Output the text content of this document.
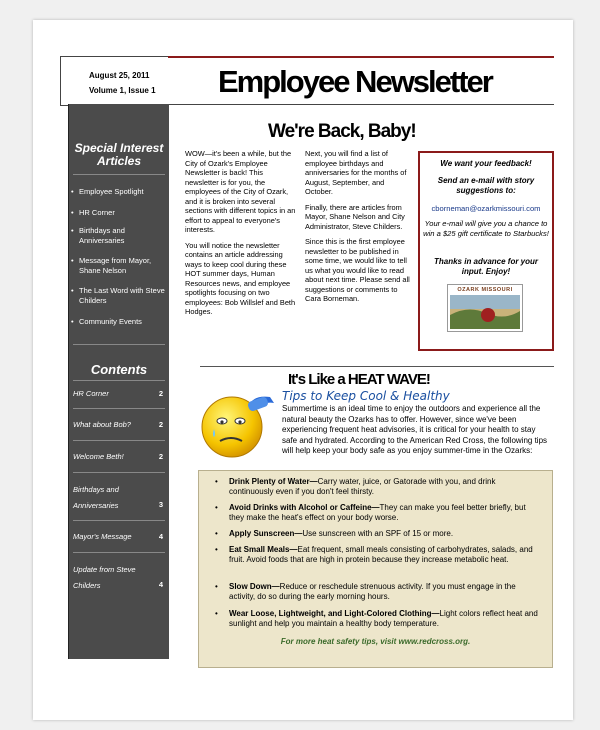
August 25, 2011
Volume 1, Issue 1 Employee Newsletter
Special Interest Articles
• Employee Spotlight
• HR Corner
• Birthdays and Anniversaries
• Message from Mayor, Shane Nelson
• The Last Word with Steve Childers
• Community Events
Contents
HR Corner	2
What about Bob?	2
Welcome Beth!	2
Birthdays and Anniversaries	3
Mayor's Message	4
Update from Steve Childers	4
We're Back, Baby!

WOW—it's been a while, but the City of Ozark's Employee Newsletter is back! This newsletter is for you, the employees of the City of Ozark, and it is broken into several sections with different topics in an effort to appeal to everyone's interests.

You will notice the newsletter contains an article addressing ways to keep cool during these HOT summer days, Human Resources news, and employee spotlights focusing on two employees: Bob Willslef and Beth Hodges.

Next, you will find a list of employee birthdays and anniversaries for the months of August, September, and October.

Finally, there are articles from Mayor, Shane Nelson and City Administrator, Steve Childers.

Since this is the first employee newsletter to be published in some time, we would like to tell us what you would like to read about next time. Please send all suggestions or comments to Cara Borneman.

We want your feedback!
Send an e-mail with story suggestions to:
cborneman@ozarkmissouri.com
Your e-mail will give you a chance to win a $25 gift certificate to Starbucks!
Thanks in advance for your input. Enjoy!
OZARK MISSOURI
It's Like a HEAT WAVE!
Tips to Keep Cool & Healthy
Summertime is an ideal time to enjoy the outdoors and experience all the natural beauty the Ozarks has to offer. However, since we've been experiencing frequent heat advisories, it is critical for your health to stay safe and hydrated. According to the American Red Cross, the following tips will help keep your body safe as you enjoy summer-time in the Ozarks:
• Drink Plenty of Water—Carry water, juice, or Gatorade with you, and drink continuously even if you don't feel thirsty.
• Avoid Drinks with Alcohol or Caffeine—They can make you feel better briefly, but they make the heat's effect on your body worse.
• Apply Sunscreen—Use sunscreen with an SPF of 15 or more.
• Eat Small Meals—Eat frequent, small meals consisting of carbohydrates, salads, and fruit. Avoid foods that are high in protein because they increase metabolic heat.
• Slow Down—Reduce or reschedule strenuous activity. If you must engage in the activity, do so during the early morning hours.
• Wear Loose, Lightweight, and Light-Colored Clothing—Light colors reflect heat and sunlight and help you maintain a healthy body temperature.
For more heat safety tips, visit www.redcross.org.
